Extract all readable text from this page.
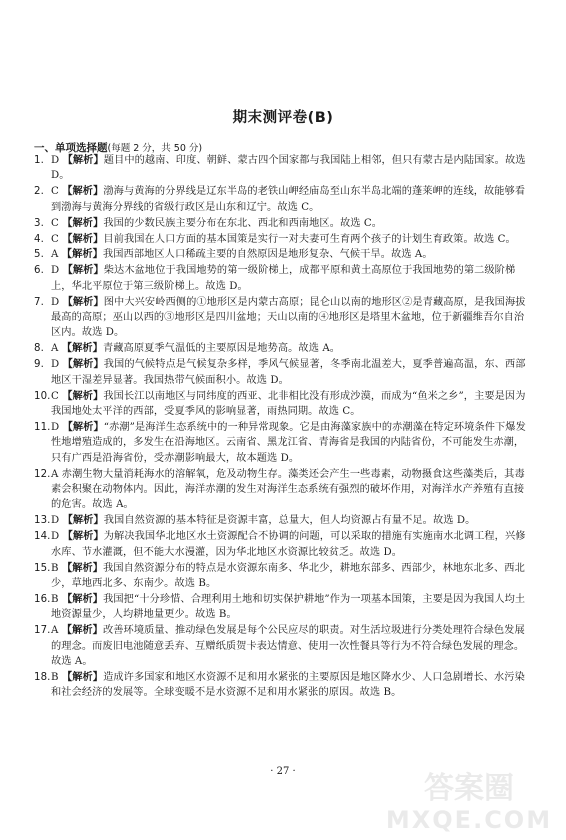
期末测评卷(B)
一、单项选择题(每题 2 分，共 50 分)
1. D 【解析】题目中的越南、印度、朝鲜、蒙古四个国家都与我国陆上相邻，但只有蒙古是内陆国家。故选 D。
2. C 【解析】渤海与黄海的分界线是辽东半岛的老铁山岬经庙岛至山东半岛北端的蓬莱岬的连线，故能够看到渤海与黄海分界线的省级行政区是山东和辽宁。故选 C。
3. C 【解析】我国的少数民族主要分布在东北、西北和西南地区。故选 C。
4. C 【解析】目前我国在人口方面的基本国策是实行一对夫妻可生育两个孩子的计划生育政策。故选 C。
5. A 【解析】我国西部地区人口稀疏主要的自然原因是地形复杂、气候干旱。故选 A。
6. D 【解析】柴达木盆地位于我国地势的第一级阶梯上，成都平原和黄土高原位于我国地势的第二级阶梯上，华北平原位于第三级阶梯上。故选 D。
7. D 【解析】图中大兴安岭西侧的①地形区是内蒙古高原；昆仑山以南的地形区②是青藏高原，是我国海拔最高的高原；巫山以西的③地形区是四川盆地；天山以南的④地形区是塔里木盆地，位于新疆维吾尔自治区内。故选 D。
8. A 【解析】青藏高原夏季气温低的主要原因是地势高。故选 A。
9. D 【解析】我国的气候特点是气候复杂多样，季风气候显著，冬季南北温差大，夏季普遍高温，东、西部地区干湿差异显著。我国热带气候面积小。故选 D。
10. C 【解析】我国长江以南地区与同纬度的西亚、北非相比没有形成沙漠，而成为“鱼米之乡”，主要是因为我国地处太平洋的西部，受夏季风的影响显著，雨热同期。故选 C。
11. D 【解析】“赤潮”是海洋生态系统中的一种异常现象。它是由海藻家族中的赤潮藻在特定环境条件下爆发性地增殖造成的，多发生在沿海地区。云南省、黑龙江省、青海省是我国的内陆省份，不可能发生赤潮，只有广西是沿海省份，受赤潮影响最大，故本题选 D。
12. A 赤潮生物大量消耗海水的溶解氧，危及动物生存。藻类还会产生一些毒素，动物摄食这些藻类后，其毒素会积聚在动物体内。因此，海洋赤潮的发生对海洋生态系统有强烈的破坏作用，对海洋水产养殖有直接的危害。故选 A。
13. D 【解析】我国自然资源的基本特征是资源丰富，总量大，但人均资源占有量不足。故选 D。
14. D 【解析】为解决我国华北地区水土资源配合不协调的问题，可以采取的措施有实施南水北调工程，兴修水库、节水灌溉，但不能大水漫灌，因为华北地区水资源比较贫乏。故选 D。
15. B 【解析】我国自然资源分布的特点是水资源东南多、华北少，耕地东部多、西部少，林地东北多、西北少，草地西北多、东南少。故选 B。
16. B 【解析】我国把“十分珍惜、合理利用土地和切实保护耕地”作为一项基本国策，主要是因为我国人均土地资源量少，人均耕地量更少。故选 B。
17. A 【解析】改善环境质量、推动绿色发展是每个公民应尽的职责。对生活垃圾进行分类处理符合绿色发展的理念。而废旧电池随意丢弃、互赠纸质贺卡表达情意、使用一次性餐具等行为不符合绿色发展的理念。故选 A。
18. B 【解析】造成许多国家和地区水资源不足和用水紧张的主要原因是地区降水少、人口急剧增长、水污染和社会经济的发展等。全球变暖不是水资源不足和用水紧张的原因。故选 B。
· 27 ·	答案圈
MXQE.COM
